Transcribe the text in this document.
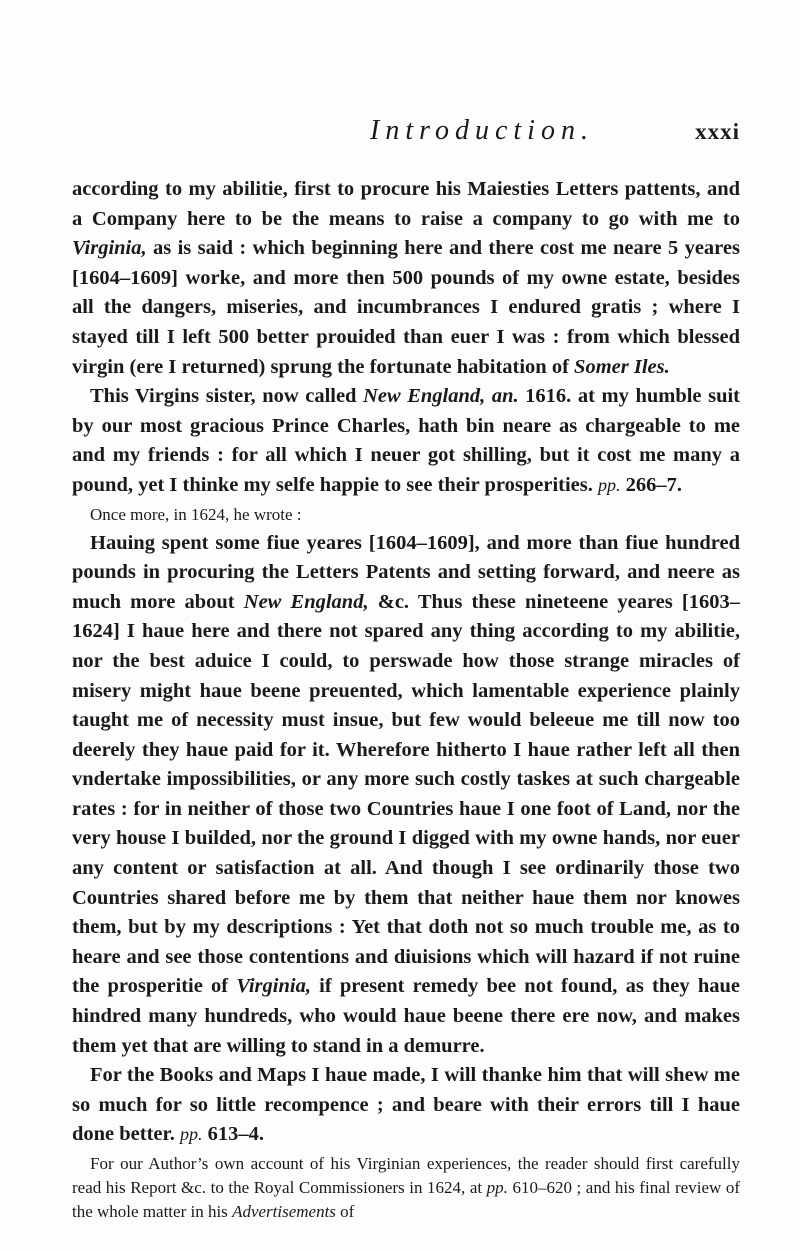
Introduction.	xxxi

according to my abilitie, first to procure his Maiesties Letters pattents, and a Company here to be the means to raise a company to go with me to Virginia, as is said : which beginning here and there cost me neare 5 yeares [1604–1609] worke, and more then 500 pounds of my owne estate, besides all the dangers, miseries, and incumbrances I endured gratis ; where I stayed till I left 500 better prouided than euer I was : from which blessed virgin (ere I returned) sprung the fortunate habitation of Somer Iles.

This Virgins sister, now called New England, an. 1616. at my humble suit by our most gracious Prince Charles, hath bin neare as chargeable to me and my friends : for all which I neuer got shilling, but it cost me many a pound, yet I thinke my selfe happie to see their prosperities. pp. 266–7.

Once more, in 1624, he wrote :

Hauing spent some fiue yeares [1604–1609], and more than fiue hundred pounds in procuring the Letters Patents and setting forward, and neere as much more about New England, &c. Thus these nineteene yeares [1603–1624] I haue here and there not spared any thing according to my abilitie, nor the best aduice I could, to perswade how those strange miracles of misery might haue beene preuented, which lamentable experience plainly taught me of necessity must insue, but few would beleeue me till now too deerely they haue paid for it. Wherefore hitherto I haue rather left all then vndertake impossibilities, or any more such costly taskes at such chargeable rates : for in neither of those two Countries haue I one foot of Land, nor the very house I builded, nor the ground I digged with my owne hands, nor euer any content or satisfaction at all. And though I see ordinarily those two Countries shared before me by them that neither haue them nor knowes them, but by my descriptions : Yet that doth not so much trouble me, as to heare and see those contentions and diuisions which will hazard if not ruine the prosperitie of Virginia, if present remedy bee not found, as they haue hindred many hundreds, who would haue beene there ere now, and makes them yet that are willing to stand in a demurre.

For the Books and Maps I haue made, I will thanke him that will shew me so much for so little recompence ; and beare with their errors till I haue done better. pp. 613–4.

For our Author’s own account of his Virginian experiences, the reader should first carefully read his Report &c. to the Royal Commissioners in 1624, at pp. 610–620 ; and his final review of the whole matter in his Advertisements of
